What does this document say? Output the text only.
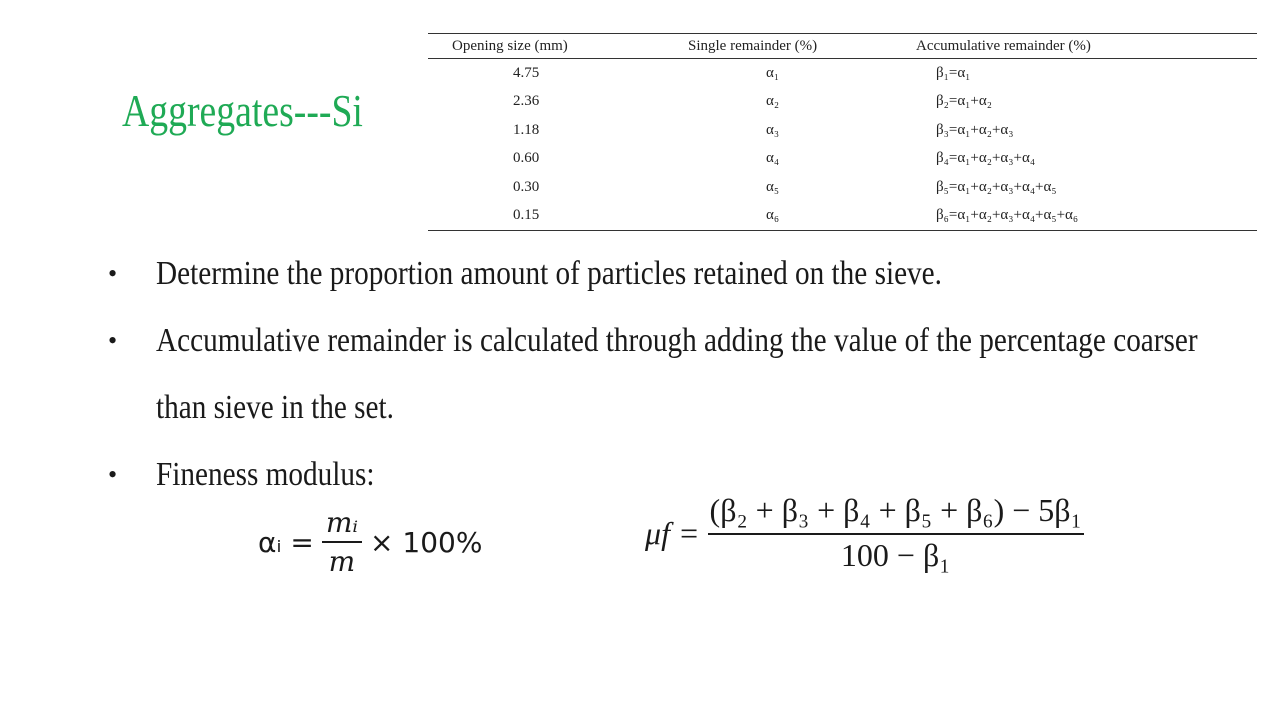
Aggregates---Si
Opening size (mm)	Single remainder (%)	Accumulative remainder (%)
4.75	α₁	β₁=α₁
2.36	α₂	β₂=α₁+α₂
1.18	α₃	β₃=α₁+α₂+α₃
0.60	α₄	β₄=α₁+α₂+α₃+α₄
0.30	α₅	β₅=α₁+α₂+α₃+α₄+α₅
0.15	α₆	β₆=α₁+α₂+α₃+α₄+α₅+α₆
• Determine the proportion amount of particles retained on the sieve.
• Accumulative remainder is calculated through adding the value of the percentage coarser than sieve in the set.
• Fineness modulus:
αᵢ = $\frac{\text{mᵢ}}{m} \times 100\%$	$\mu f = \frac{\text{(β₂ + β₃ + β₄ + β₅ + β₆) − 5β₁}}{\text{100 − β₁}}$
